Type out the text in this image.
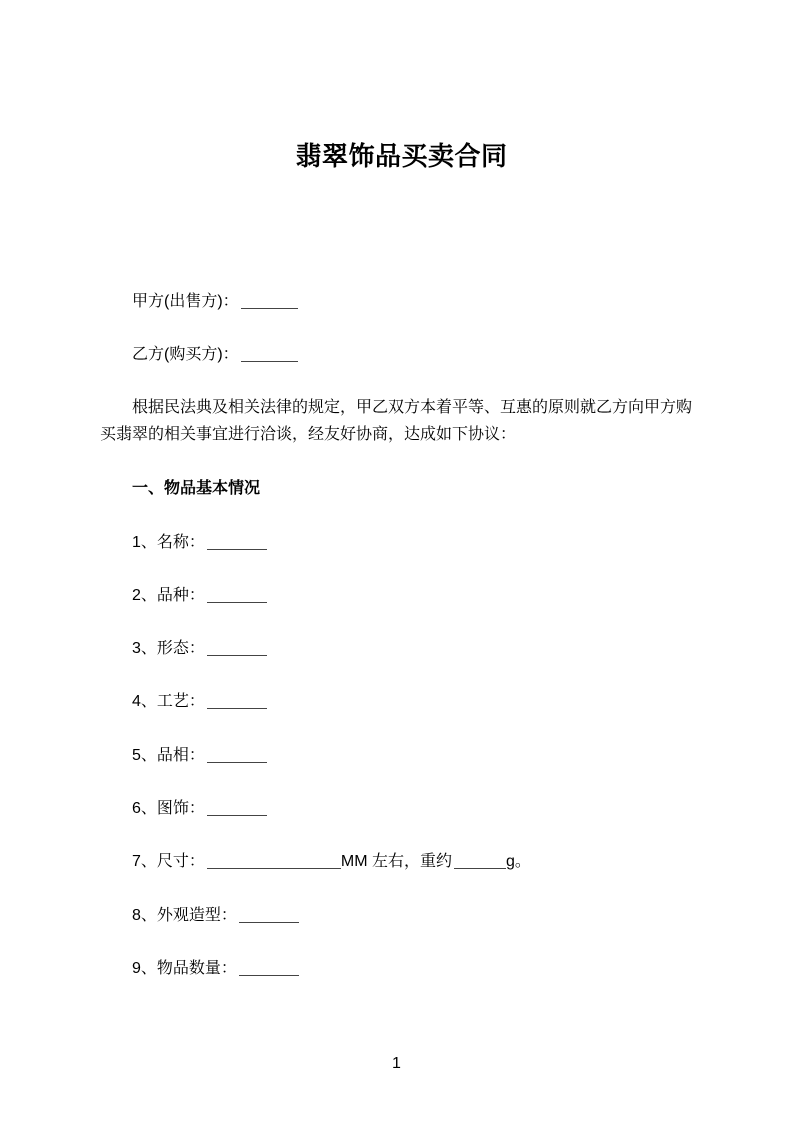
翡翠饰品买卖合同
甲方(出售方)：
乙方(购买方)：
根据民法典及相关法律的规定，甲乙双方本着平等、互惠的原则就乙方向甲方购
买翡翠的相关事宜进行洽谈，经友好协商，达成如下协议：
一、物品基本情况
1、名称：
2、品种：
3、形态：
4、工艺：
5、品相：
6、图饰：
7、尺寸：	MM 左右，重约	g。
8、外观造型：
9、物品数量：
1
